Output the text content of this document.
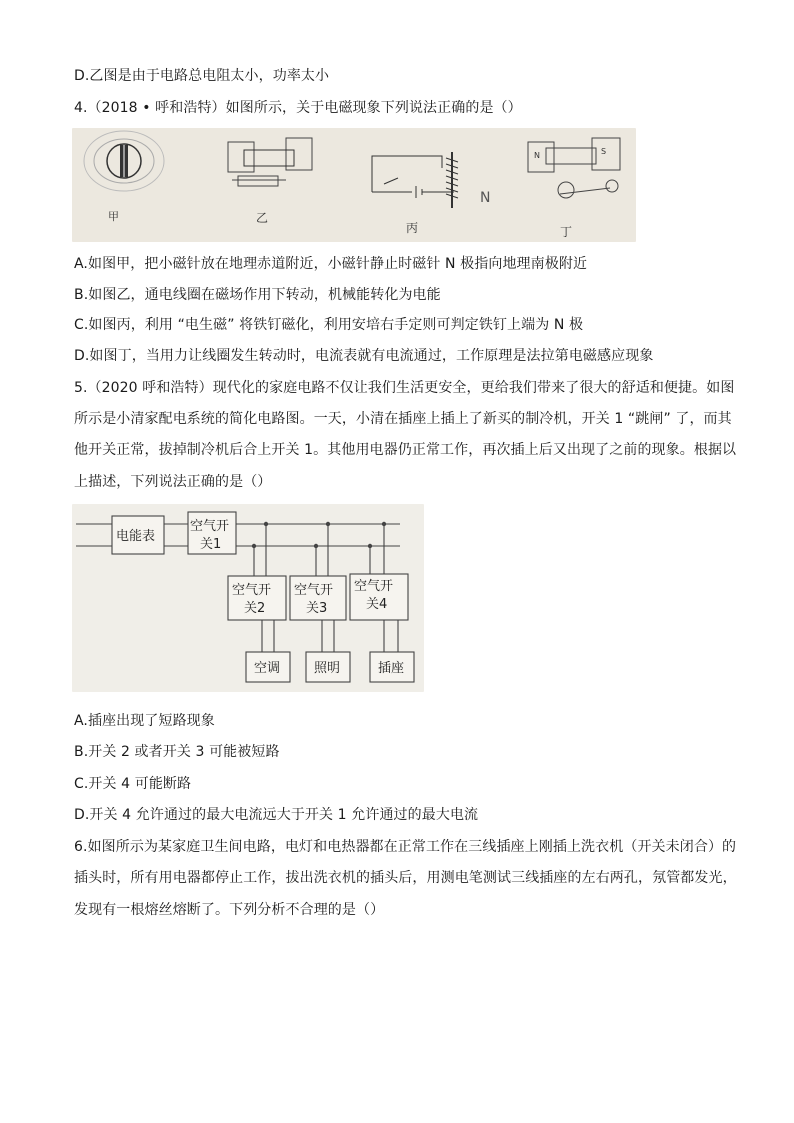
D.乙图是由于电路总电阻太小，功率太小
4.（2018 • 呼和浩特）如图所示，关于电磁现象下列说法正确的是（）
N	S
N
甲	乙
丙	丁
A.如图甲，把小磁针放在地理赤道附近，小磁针静止时磁针 N 极指向地理南极附近
B.如图乙，通电线圈在磁场作用下转动，机械能转化为电能
C.如图丙，利用 “电生磁” 将铁钉磁化，利用安培右手定则可判定铁钉上端为 N 极
D.如图丁，当用力让线圈发生转动时，电流表就有电流通过，工作原理是法拉第电磁感应现象
5.（2020 呼和浩特）现代化的家庭电路不仅让我们生活更安全，更给我们带来了很大的舒适和便捷。如图
所示是小清家配电系统的简化电路图。一天，小清在插座上插上了新买的制冷机，开关 1 “跳闸” 了，而其
他开关正常，拔掉制冷机后合上开关 1。其他用电器仍正常工作，再次插上后又出现了之前的现象。根据以
上描述，下列说法正确的是（）
电能表
空气开
关1
空气开
关2
空气开
关3
空气开
关4
空调	照明	插座
A.插座出现了短路现象
B.开关 2 或者开关 3 可能被短路
C.开关 4 可能断路
D.开关 4 允许通过的最大电流远大于开关 1 允许通过的最大电流
6.如图所示为某家庭卫生间电路，电灯和电热器都在正常工作在三线插座上刚插上洗衣机（开关未闭合）的
插头时，所有用电器都停止工作，拔出洗衣机的插头后，用测电笔测试三线插座的左右两孔，氖管都发光，
发现有一根熔丝熔断了。下列分析不合理的是（）
